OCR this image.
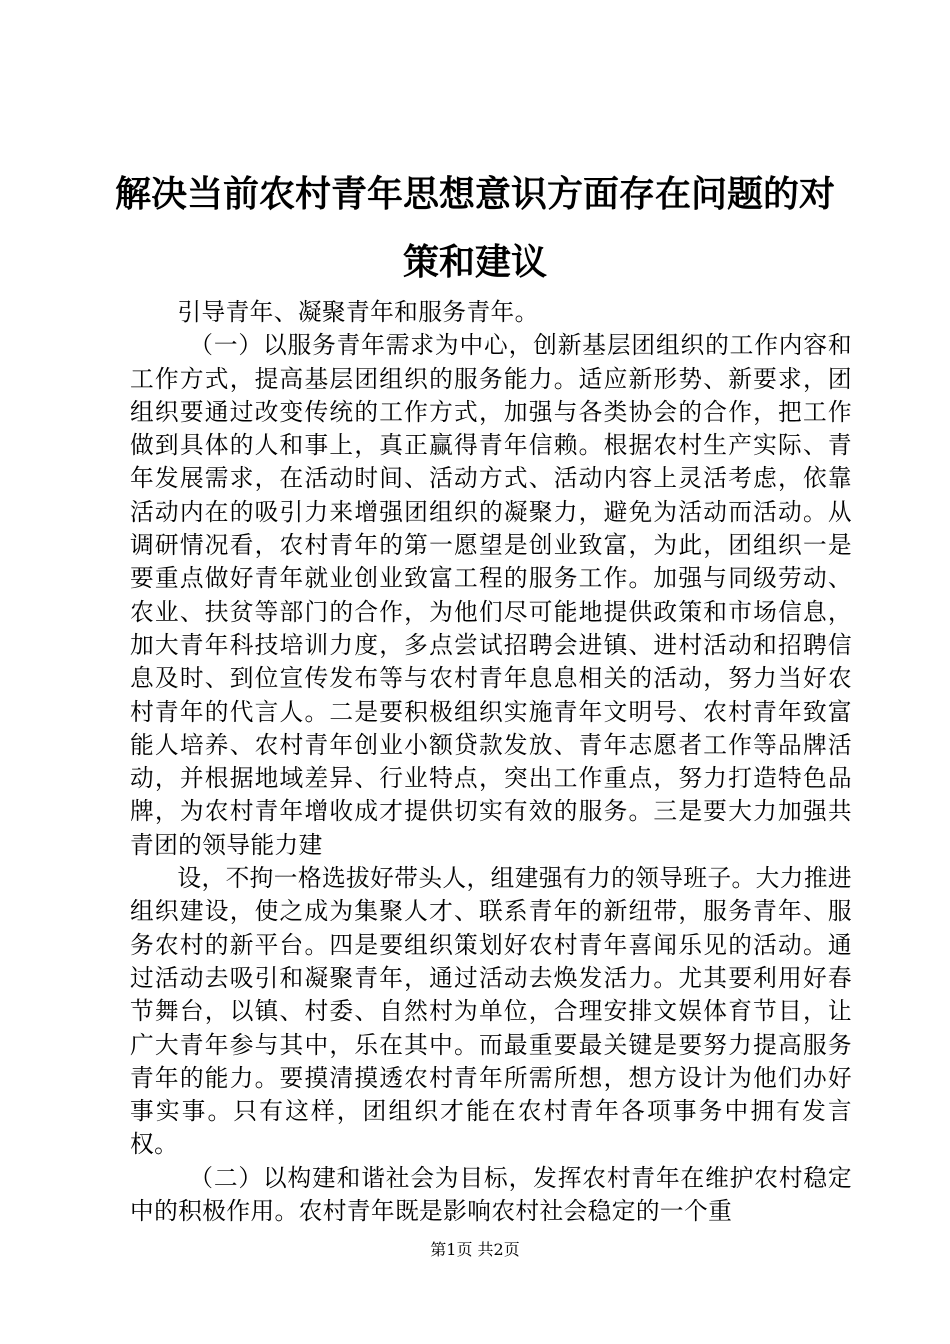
解决当前农村青年思想意识方面存在问题的对策和建议

引导青年、凝聚青年和服务青年。

（一）以服务青年需求为中心，创新基层团组织的工作内容和工作方式，提高基层团组织的服务能力。适应新形势、新要求，团组织要通过改变传统的工作方式，加强与各类协会的合作，把工作做到具体的人和事上，真正赢得青年信赖。根据农村生产实际、青年发展需求，在活动时间、活动方式、活动内容上灵活考虑，依靠活动内在的吸引力来增强团组织的凝聚力，避免为活动而活动。从调研情况看，农村青年的第一愿望是创业致富，为此，团组织一是要重点做好青年就业创业致富工程的服务工作。加强与同级劳动、农业、扶贫等部门的合作，为他们尽可能地提供政策和市场信息，加大青年科技培训力度，多点尝试招聘会进镇、进村活动和招聘信息及时、到位宣传发布等与农村青年息息相关的活动，努力当好农村青年的代言人。二是要积极组织实施青年文明号、农村青年致富能人培养、农村青年创业小额贷款发放、青年志愿者工作等品牌活动，并根据地域差异、行业特点，突出工作重点，努力打造特色品牌，为农村青年增收成才提供切实有效的服务。三是要大力加强共青团的领导能力建

设，不拘一格选拔好带头人，组建强有力的领导班子。大力推进组织建设，使之成为集聚人才、联系青年的新纽带，服务青年、服务农村的新平台。四是要组织策划好农村青年喜闻乐见的活动。通过活动去吸引和凝聚青年，通过活动去焕发活力。尤其要利用好春节舞台，以镇、村委、自然村为单位，合理安排文娱体育节目，让广大青年参与其中，乐在其中。而最重要最关键是要努力提高服务青年的能力。要摸清摸透农村青年所需所想，想方设计为他们办好事实事。只有这样，团组织才能在农村青年各项事务中拥有发言权。

（二）以构建和谐社会为目标，发挥农村青年在维护农村稳定中的积极作用。农村青年既是影响农村社会稳定的一个重

第1页 共2页
